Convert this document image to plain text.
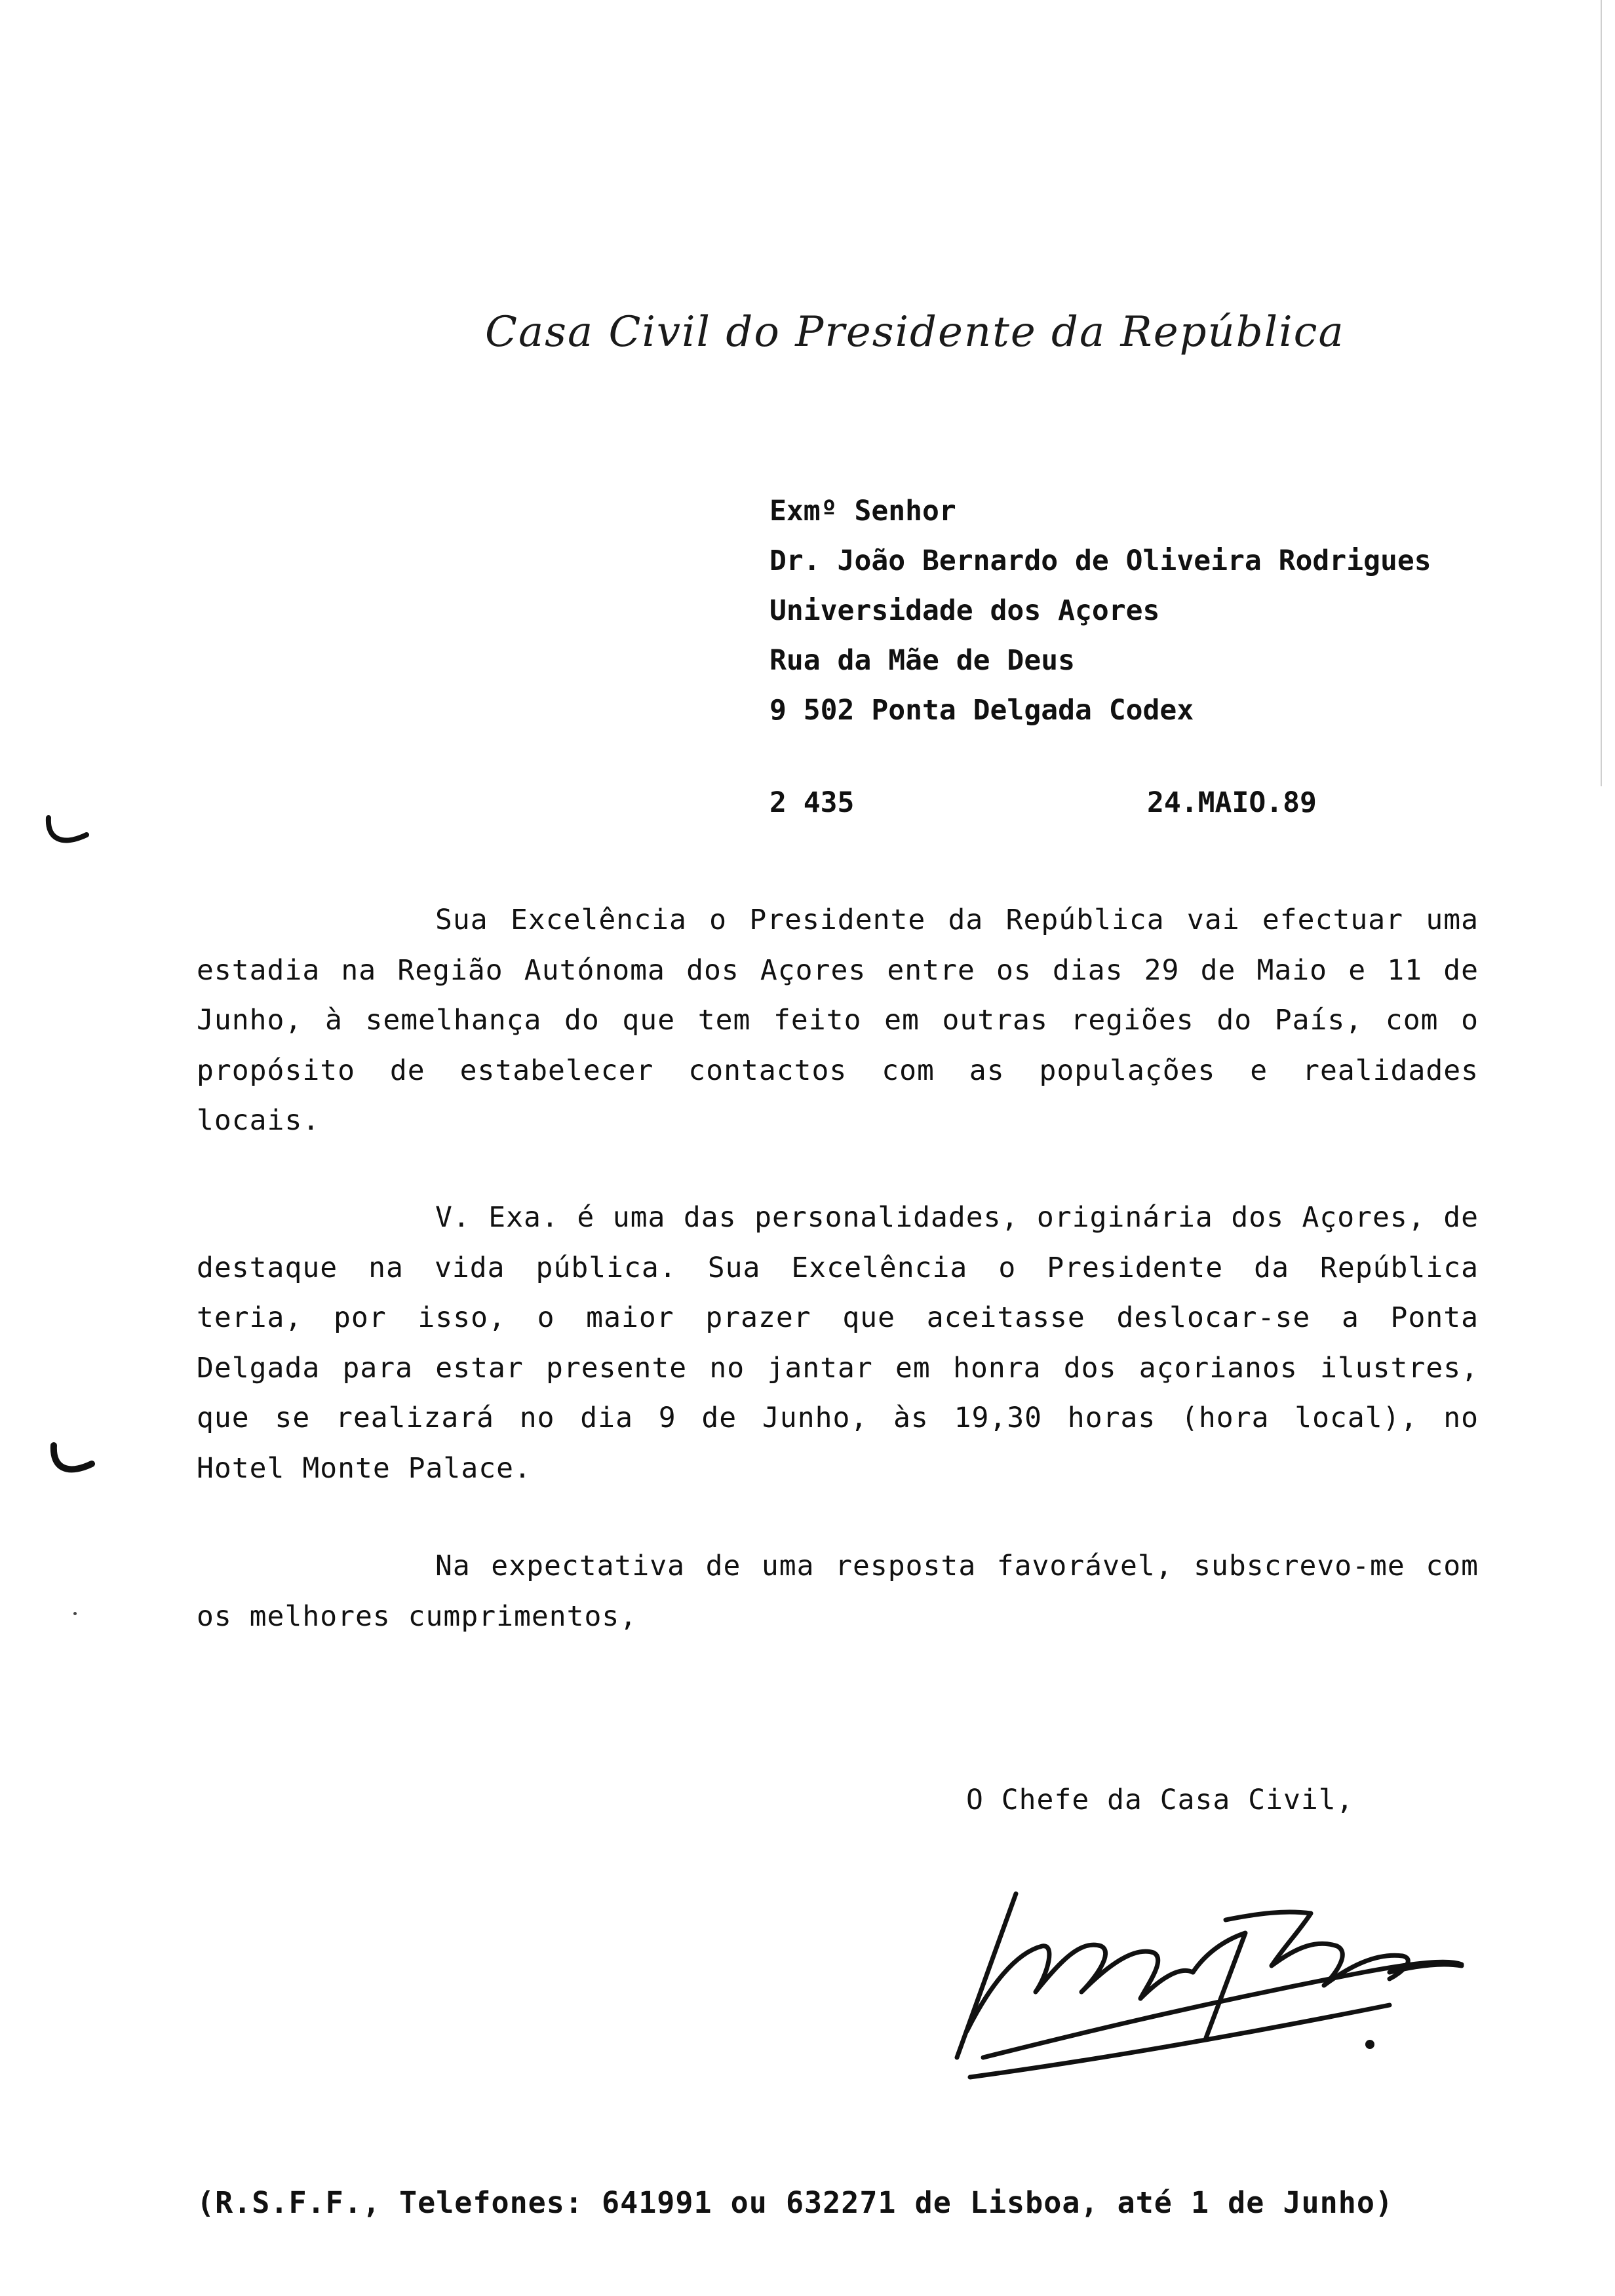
Casa Civil do Presidente da República
Exmº Senhor
Dr. João Bernardo de Oliveira Rodrigues
Universidade dos Açores
Rua da Mãe de Deus
9 502 Ponta Delgada Codex
2 435	24.MAIO.89

Sua Excelência o Presidente da República vai efectuar uma estadia na Região Autónoma dos Açores entre os dias 29 de Maio e 11 de Junho, à semelhança do que tem feito em outras regiões do País, com o propósito de estabelecer contactos com as populações e realidades locais.

V. Exa. é uma das personalidades, originária dos Açores, de destaque na vida pública. Sua Excelência o Presidente da República teria, por isso, o maior prazer que aceitasse deslocar-se a Ponta Delgada para estar presente no jantar em honra dos açorianos ilustres, que se realizará no dia 9 de Junho, às 19,30 horas (hora local), no Hotel Monte Palace.

Na expectativa de uma resposta favorável, subscrevo-me com os melhores cumprimentos,

O Chefe da Casa Civil,
(R.S.F.F., Telefones: 641991 ou 632271 de Lisboa, até 1 de Junho)
